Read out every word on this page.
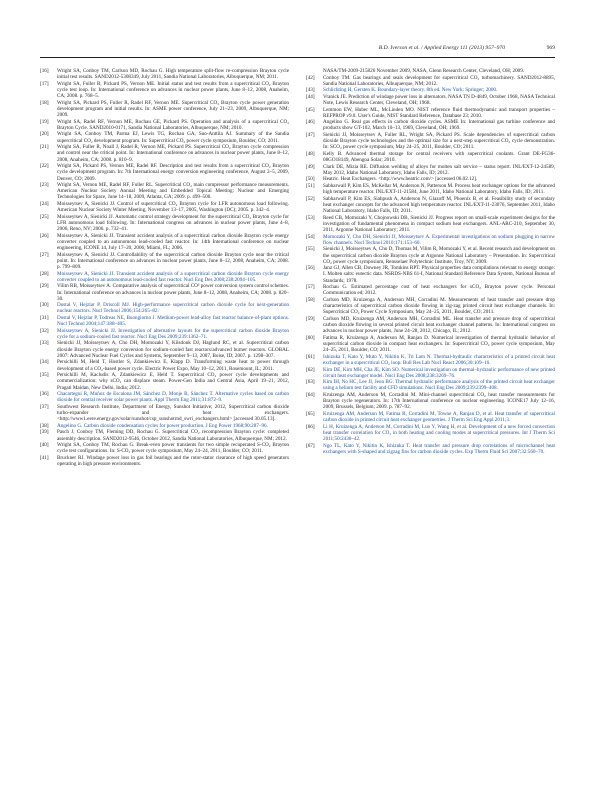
B.D. Iverson et al. / Applied Energy 111 (2013) 957–970	969
[16] Wright SA, Conboy TM, Carlson MD, Rochau G. High temperature split-flow re-compression Brayton cycle initial test results. SAND2012-5308349, July 2011, Sandia National Laboratories, Albuquerque, NM; 2011.
[17] Wright SA, Fuller R, Pickard PS, Vernon ME. Initial status and test results from a supercritical CO₂ Brayton cycle test loop. In: International conference on advances in nuclear power plants, June 8–12, 2008, Anaheim, CA; 2008. p. 768–5.
[18] Wright SA, Pickard PS, Fuller R, Radel RF, Vernon ME. Supercritical CO₂ Brayton cycle power generation development program and initial results. In: ASME power conference, July 21–23, 2009, Albuquerque, NM; 2009.
[19] Wright SA, Radel RF, Vernon ME, Rochau GE, Pickard PS. Operation and analysis of a supercritical CO₂ Brayton Cycle. SAND2010-0171, Sandia National Laboratories, Albuquerque, NM; 2010.
[20] Wright SA, Conboy TM, Parma EJ, Lewis TG, Rochau GA, Suo-Anttila AJ. Summary of the Sandia supercritical CO₂ development program. In: Supercritical CO₂ power cycle symposium, Boulder, CO; 2011.
[21] Wright SA, Fuller R, Noall J, Radel R, Vernon ME, Pickard PS. Supercritical CO₂ Brayton cycle compression and control near the critical point. In: International conference on advances in nuclear power plants, June 8–12, 2008, Anaheim, CA; 2008. p. 810–9.
[22] Wright SA, Pickard PS, Vernon ME, Radel RF. Description and test results from a supercritical CO₂ Brayton cycle development program. In: 7th International energy conversion engineering conference, August 2–5, 2009, Denver, CO; 2009.
[23] Wright SA, Vernon ME, Radel RF, Fuller RL. Supercritical CO₂ main compressor performance measurements. American Nuclear Society Annual Meeting and Embedded Topical Meeting: Nuclear and Emerging Technologies for Space, June 14–18, 2009, Atlanta, GA; 2009. p. 499–500.
[24] Moisseytsev A, Sienicki JJ. Control of supercritical CO₂ Brayton cycle for LFR autonomous load following. American Nuclear Society Winter Meeting, November 13–17, 2005, Washington (DC); 2005. p. 342–4.
[25] Moisseytsev A, Sienicki JJ. Automatic control strategy development for the supercritical CO₂ Brayton cycle for LFR autonomous load following. In: International congress on advances in nuclear power plants, June 4–8, 2006, Reno, NV; 2006. p. 732–41.
[26] Moisseytsev A, Sienicki JJ. Transient accident analysis of a supercritical carbon dioxide Brayton cycle energy converter coupled to an autonomous lead-cooled fast reactor. In: 14th International conference on nuclear engineering, ICONE 14, July 17–20, 2006, Miami, FL; 2006.
[27] Moisseytsev A, Sienicki JJ. Controllability of the supercritical carbon dioxide Brayton cycle near the critical point. In: International conference on advances in nuclear power plants, June 8–12, 2008, Anaheim, CA; 2008. p. 799–809.
[28] Moisseytsev A, Sienicki JJ. Transient accident analysis of a supercritical carbon dioxide Brayton cycle energy converter coupled to an autonomous lead-cooled fast reactor. Nucl Eng Des 2008;238:2094–105.
[29] Vilim RB, Moisseytsev A. Comparative analysis of supercritical CO² power conversion system control schemes. In: International conference on advances in nuclear power plants, June 8–12, 2008, Anaheim, CA; 2008. p. 820–30.
[30] Dostal V, Hejzlar P, Driscoll MJ. High-performance supercritical carbon dioxide cycle for next-generation nuclear reactors. Nucl Technol 2006;154:265–82.
[31] Dostal V, Hejzlar P, Todreas NE, Buongiorno J. Medium-power lead-alloy fast reactor balance-of-plant options. Nucl Technol 2004;147:388–405.
[32] Moisseytsev A, Sienicki JJ. Investigation of alternative layouts for the supercritical carbon dioxide Brayton cycle for a sodium-cooled fast reactor. Nucl Eng Des 2009;239:1362–71.
[33] Sienicki JJ, Moisseytsev A, Cho DH, Momozaki Y, Kilsdonk DJ, Haglund RC, et al. Supercritical carbon dioxide Brayton cycle energy conversion for sodium-cooled fast reactors/advanced burner reactors. GLOBAL 2007: Advanced Nuclear Fuel Cycles and Systems, September 9–13, 2007, Boise, ID; 2007. p. 1298–307.
[34] Persichilli M, Held T, Hostler S, Zdankiewicz E, Klapp D. Transforming waste heat to power through development of a CO₂-based power cycle. Electric Power Expo, May 10–12, 2011, Rosemount, IL; 2011.
[35] Persichilli M, Kacludis A, Zdankiewicz E, Held T. Supercritical CO₂ power cycle developments and commercialization: why sCO₂ can displace steam. Power-Gen India and Central Asia, April 19–21, 2012, Pragati Maidan, New Delhi, India; 2012.
[36] Chacartegui R, Muñoz de Escalona JM, Sánchez D, Monje B, Sánchez T. Alternative cycles based on carbon dioxide for central receiver solar power plants. Appl Therm Eng 2011;31:872–9.
[37] Southwest Research Institute, Department of Energy, Sunshot Initiative; 2012, Supercritical carbon dioxide turbo-expander and heat exchangers. <http://www1.eere.energy.gov/solar/sunshot/csp_sunshotrnd_swri_exchangers.html> [accessed 30.05.13].
[38] Angelino G. Carbon dioxide condensation cycles for power production. J Eng Power 1968;90:287–96.
[39] Pasch J, Conboy TM, Fleming DD, Rochau G. Supercritical CO₂ recompression Brayton cycle: completed assembly description. SAND2012-9546, October 2012, Sandia National Laboratories, Albuquerque, NM; 2012.
[40] Wright SA, Conboy TM, Rochau G. Break-even power transients for two simple recuperated S-CO₂ Brayton cycle test configurations. In: S-CO₂ power cycle symposium, May 24–24, 2011, Boulder, CO; 2011.
[41] Bruckner RJ. Windage power loss in gas foil bearings and the rotor-stator clearance of high speed generators operating in high pressure environments.
NASA/TM-2009-215826 November 2009, NASA, Glenn Research Center, Cleveland, OH; 2009.
[42] Conboy TM. Gas bearings and seals development for supercritical CO₂ turbomachinery. SAND2012-8895, Sandia National Laboratories, Albuquerque, NM; 2012.
[43] Schlichting H, Gersten K. Boundary-layer theory. 8th ed. New York: Springer; 2000.
[44] Vranick JE. Prediction of windage power loss in alternators. NASA TN D-4849, October 1968, NASA Technical Note, Lewis Research Center, Cleveland, OH; 1968.
[45] Lemmon EW, Huber ML, McLinden MO. NIST reference fluid thermodynamic and transport properties – REFPROP v9.0. User's Guide, NIST Standard Reference, Database 23; 2010.
[46] Angelino G. Real gas effects in carbon dioxide cycles. ASME In: International gas turbine conference and products show GT-102, March 10–13, 1969, Cleveland, OH; 1969.
[47] Sienicki JJ, Moisseytsev A, Fuller RL, Wright SA, Pickard PS. Scale dependencies of supercritical carbon dioxide Brayton cycle technologies and the optimal size for a next-step supercritical CO₂ cycle demonstration. In: SCO₂ power cycle symposium, May 24–25, 2011, Boulder, CO; 2011.
[48] Kelly B. Advanced thermal storage for central receivers with supercritical coolants. Grant DE-FG36-08GO18149, Abengoa Solar; 2010.
[49] Clark DE, Mizia RE. Diffusion welding of alloys for molten salt service – status report. INL/EXT-12-24589, May 2012, Idaho National Laboratory, Idaho Falls, ID; 2012.
[50] Heatric. Heat Exchangers. <http://www.heatric.com/> [accessed 06.02.12].
[51] Sabharwall P, Kim ES, McKellar M, Anderson N, Patterson M. Process heat exchanger options for the advanced high temperature reactor. INL/EXT-11-21584, June 2011, Idaho National Laboratory, Idaho Falls, ID; 2011.
[52] Sabharwall P, Kim ES, Siahpush A, Anderson N, Glazoff M, Phoenix B, et al. Feasibility study of secondary heat exchanger concepts for the advanced high temperature reactor. INL/EXT-11-23076, September 2011, Idaho National Laboratory, Idaho Falls, ID; 2011.
[53] Reed CB, Momozaki Y, Chojnowski DB, Sienicki JJ. Progress report on small-scale experiment designs for the investigation of fundamental phenomena in compact sodium heat exchangers. ANL-ARC-210, September 30, 2011, Argonne National Laboratory; 2011.
[54] Momozaki Y, Cho DH, Sienicki JJ, Moisseytsev A. Experimental investigations on sodium plugging in narrow flow channels. Nucl Technol 2010;171:153–60.
[55] Sienicki J, Moisseytsev A, Cho D, Thomas M, Vilim R, Momozaki Y, et al. Recent research and development on the supercritical carbon dioxide Brayton cycle at Argonne National Laboratory – Presentation. In: Supercritical CO₂ power cycle symposium, Rensselaer Polytechnic Institute, Troy, NY; 2009.
[56] Janz GJ, Allen CB, Downey JR, Tomkins RPT. Physical properties data compilations relevant to energy storage: I. Molten salts: eutectic data. NSRDS-NBS 61-I, National Standard Reference Data System, National Bureau of Standards; 1978.
[57] Rochau G. Estimated percentage cost of heat exchangers for sCO₂ Brayton power cycle. Personal Communication ed; 2012.
[58] Carlson MD, Kruizenga A, Anderson MH, Corradini M. Measurements of heat transfer and pressure drop characteristics of supercritical carbon dioxide flowing in zig-zag printed circuit heat exchanger channels. In: Supercritical CO₂ Power Cycle Symposium, May 24–25, 2011, Boulder, CO; 2011.
[59] Carlson MD, Kruizenga AM, Anderson MH, Corradini ML. Heat transfer and pressure drop of supercritical carbon dioxide flowing in several printed circuit heat exchanger channel patterns. In: International congress on advances in nuclear power plants, June 24–28, 2012, Chicago, IL; 2012.
[60] Fatima R, Kruizenga A, Anderson M, Ranjan D. Numerical investigation of thermal hydraulic behavior of supercritical carbon dioxide in compact heat exchangers. In: Supercritical CO₂ power cycle symposium, May 24–25, 2011, Boulder, CO; 2011.
[61] Ishizuka T, Kato Y, Muto Y, Nikitin K, Tri Lam N. Thermal-hydraulic characteristics of a printed circuit heat exchanger in a supercritical CO₂ loop. Bull Res Lab Nucl React 2006;30:109–16.
[62] Kim DE, Kim MH, Cha JE, Kim SO. Numerical investigation on thermal–hydraulic performance of new printed circuit heat exchanger model. Nucl Eng Des 2008;238:3269–76.
[63] Kim IH, No HC, Lee JI, Jeon BG. Thermal hydraulic performance analysis of the printed circuit heat exchanger using a helium test facility and CFD simulations. Nucl Eng Des 2009;239:2399–408.
[64] Kruizenga AM, Anderson M, Corradini M. Mini-channel supercritical CO₂ heat transfer measurements for Brayton cycle regenerators. In: 17th International conference on nuclear engineering. ICONE17 July 12–16, 2009, Brussels, Belgium; 2009. p. 787–92.
[65] Kruizenga AM, Anderson M, Fatima R, Corradini M, Towne A, Ranjan D, et al. Heat transfer of supercritical carbon dioxide in printed circuit heat exchanger geometries. J Therm Sci Eng Appl 2011;3.
[66] Li H, Kruizenga A, Anderson M, Corradini M, Luo Y, Wang H, et al. Development of a new forced convection heat transfer correlation for CO₂ in both heating and cooling modes at supercritical pressures. Int J Therm Sci 2011;50:2430–42.
[67] Ngo TL, Kato Y, Nikitin K, Ishizuka T. Heat transfer and pressure drop correlations of microchannel heat exchangers with S-shaped and zigzag fins for carbon dioxide cycles. Exp Therm Fluid Sci 2007;32:560–70.
